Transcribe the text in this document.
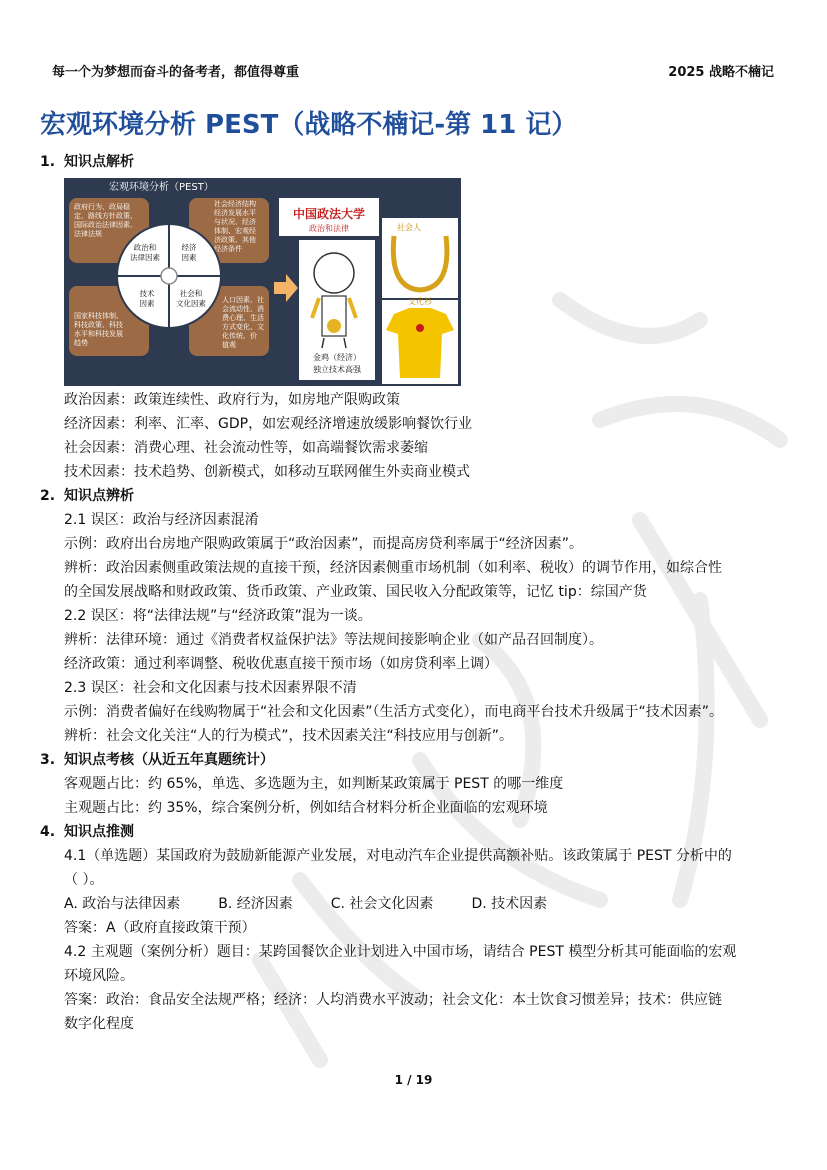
每一个为梦想而奋斗的备考者，都值得尊重	2025 战略不楠记
宏观环境分析 PEST（战略不楠记-第 11 记）
1. 知识点解析
宏观环境分析（PEST）
政府行为、政局稳定、路线方针政策、国际政治法律因素、法律法规
社会经济结构经济发展水平与状况、经济体制、宏观经济政策、其他经济条件
国家科技体制、科技政策、科技水平和科技发展趋势
人口因素、社会流动性、消费心理、生活方式变化、文化传统、价值观
政治和法律因素
经济因素
技术因素
社会和文化因素
中国政法大学
政治和法律
金鸡（经济）
独立技术高强
社会人
文化衫
政治因素：政策连续性、政府行为，如房地产限购政策
经济因素：利率、汇率、GDP，如宏观经济增速放缓影响餐饮行业
社会因素：消费心理、社会流动性等，如高端餐饮需求萎缩
技术因素：技术趋势、创新模式，如移动互联网催生外卖商业模式
2. 知识点辨析
2.1 误区：政治与经济因素混淆
示例：政府出台房地产限购政策属于“政治因素”，而提高房贷利率属于“经济因素”。
辨析：政治因素侧重政策法规的直接干预，经济因素侧重市场机制（如利率、税收）的调节作用，如综合性
的全国发展战略和财政政策、货币政策、产业政策、国民收入分配政策等，记忆 tip：综国产货
2.2 误区：将“法律法规”与“经济政策”混为一谈。
辨析：法律环境：通过《消费者权益保护法》等法规间接影响企业（如产品召回制度）。
经济政策：通过利率调整、税收优惠直接干预市场（如房贷利率上调）
2.3 误区：社会和文化因素与技术因素界限不清
示例：消费者偏好在线购物属于“社会和文化因素”（生活方式变化），而电商平台技术升级属于“技术因素”。
辨析：社会文化关注“人的行为模式”，技术因素关注“科技应用与创新”。
3. 知识点考核（从近五年真题统计）
客观题占比：约 65%，单选、多选题为主，如判断某政策属于 PEST 的哪一维度
主观题占比：约 35%，综合案例分析，例如结合材料分析企业面临的宏观环境
4. 知识点推测
4.1（单选题）某国政府为鼓励新能源产业发展，对电动汽车企业提供高额补贴。该政策属于 PEST 分析中的
（ ）。
A. 政治与法律因素	B. 经济因素	C. 社会文化因素	D. 技术因素
答案：A（政府直接政策干预）
4.2 主观题（案例分析）题目：某跨国餐饮企业计划进入中国市场，请结合 PEST 模型分析其可能面临的宏观
环境风险。
答案：政治：食品安全法规严格；经济：人均消费水平波动；社会文化：本土饮食习惯差异；技术：供应链
数字化程度
1 / 19
